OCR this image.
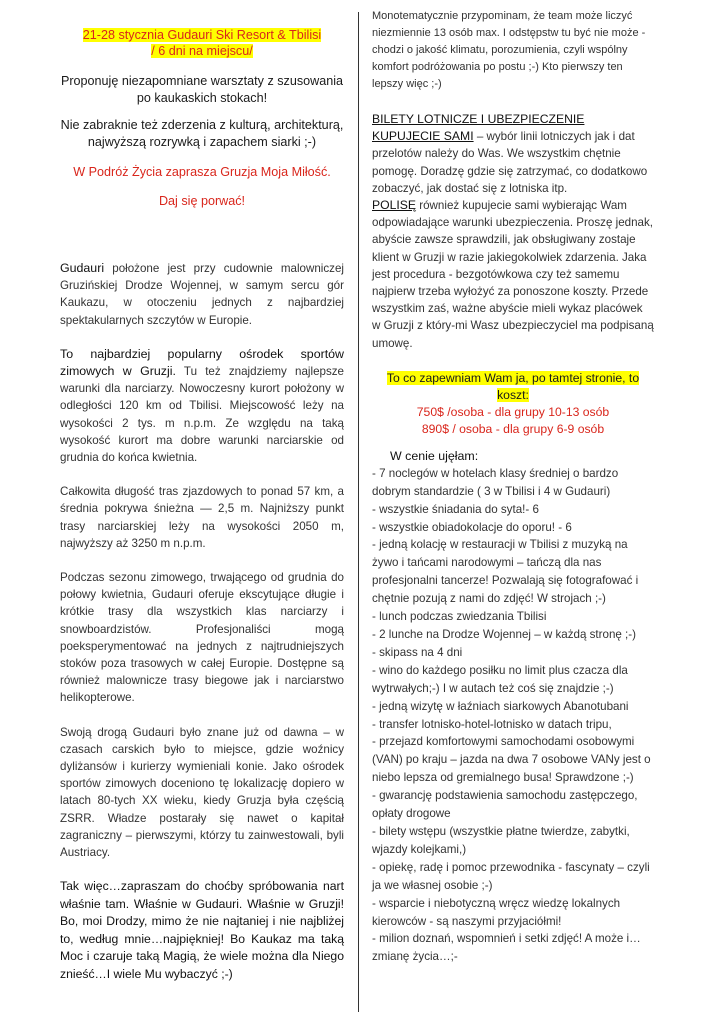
21-28 stycznia Gudauri Ski Resort & Tbilisi
/ 6 dni na miejscu/

Proponuję niezapomniane warsztaty z szusowania po kaukaskich stokach!

Nie zabraknie też zderzenia z kulturą, architekturą, najwyższą rozrywką i zapachem siarki ;-)

W Podróż Życia zaprasza Gruzja Moja Miłość.

Daj się porwać!

Gudauri położone jest przy cudownie malowniczej Gruzińskiej Drodze Wojennej, w samym sercu gór Kaukazu, w otoczeniu jednych z najbardziej spektakularnych szczytów w Europie.

To najbardziej popularny ośrodek sportów zimowych w Gruzji. Tu też znajdziemy najlepsze warunki dla narciarzy. Nowoczesny kurort położony w odległości 120 km od Tbilisi. Miejscowość leży na wysokości 2 tys. m n.p.m. Ze względu na taką wysokość kurort ma dobre warunki narciarskie od grudnia do końca kwietnia.

Całkowita długość tras zjazdowych to ponad 57 km, a średnia pokrywa śnieżna — 2,5 m. Najniższy punkt trasy narciarskiej leży na wysokości 2050 m, najwyższy aż 3250 m n.p.m.

Podczas sezonu zimowego, trwającego od grudnia do połowy kwietnia, Gudauri oferuje ekscytujące długie i krótkie trasy dla wszystkich klas narciarzy i snowboardzistów. Profesjonaliści mogą poeksperymentować na jednych z najtrudniejszych stoków poza trasowych w całej Europie. Dostępne są również malownicze trasy biegowe jak i narciarstwo helikopterowe.

Swoją drogą Gudauri było znane już od dawna – w czasach carskich było to miejsce, gdzie woźnicy dyliżansów i kurierzy wymieniali konie. Jako ośrodek sportów zimowych doceniono tę lokalizację dopiero w latach 80-tych XX wieku, kiedy Gruzja była częścią ZSRR. Władze postarały się nawet o kapitał zagraniczny – pierwszymi, którzy tu zainwestowali, byli Austriacy.

Tak więc…zapraszam do choćby spróbowania nart właśnie tam. Właśnie w Gudauri. Właśnie w Gruzji! Bo, moi Drodzy, mimo że nie najtaniej i nie najbliżej to, według mnie…najpiękniej! Bo Kaukaz ma taką Moc i czaruje taką Magią, że wiele można dla Niego znieść…I wiele Mu wybaczyć ;-)

Monotematycznie przypominam, że team może liczyć niezmiennie 13 osób max. I odstępstw tu być nie może - chodzi o jakość klimatu, porozumienia, czyli wspólny komfort podróżowania po postu ;-) Kto pierwszy ten lepszy więc ;-)

BILETY LOTNICZE I UBEZPIECZENIE KUPUJECIE SAMI – wybór linii lotniczych jak i dat przelotów należy do Was. We wszystkim chętnie pomogę. Doradzę gdzie się zatrzymać, co dodatkowo zobaczyć, jak dostać się z lotniska itp.

POLISĘ również kupujecie sami wybierając Wam odpowiadające warunki ubezpieczenia. Proszę jednak, abyście zawsze sprawdzili, jak obsługiwany zostaje klient w Gruzji w razie jakiegokolwiek zdarzenia. Jaka jest procedura - bezgotówkowa czy też samemu najpierw trzeba wyłożyć za ponoszone koszty. Przede wszystkim zaś, ważne abyście mieli wykaz placówek w Gruzji z który-mi Wasz ubezpieczyciel ma podpisaną umowę.

To co zapewniam Wam ja, po tamtej stronie, to koszt:
750$ /osoba - dla grupy 10-13 osób
890$ / osoba - dla grupy 6-9 osób

W cenie ujęłam:

- 7 noclegów w hotelach klasy średniej o bardzo dobrym standardzie ( 3 w Tbilisi i 4 w Gudauri)
- wszystkie śniadania do syta!- 6
- wszystkie obiadokolacje do oporu! - 6
- jedną kolację w restauracji w Tbilisi z muzyką na żywo i tańcami narodowymi – tańczą dla nas profesjonalni tancerze! Pozwalają się fotografować i chętnie pozują z nami do zdjęć! W strojach ;-)
- lunch podczas zwiedzania Tbilisi
- 2 lunche na Drodze Wojennej – w każdą stronę ;-)
- skipass na 4 dni
- wino do każdego posiłku no limit plus czacza dla wytrwałych;-) I w autach też coś się znajdzie ;-)
- jedną wizytę w łaźniach siarkowych Abanotubani
- transfer lotnisko-hotel-lotnisko w datach tripu,
- przejazd komfortowymi samochodami osobowymi (VAN) po kraju – jazda na dwa 7 osobowe VANy jest o niebo lepsza od gremialnego busa! Sprawdzone ;-)
- gwarancję podstawienia samochodu zastępczego, opłaty drogowe
- bilety wstępu (wszystkie płatne twierdze, zabytki, wjazdy kolejkami,)
- opiekę, radę i pomoc przewodnika - fascynaty – czyli ja we własnej osobie ;-)
- wsparcie i niebotyczną wręcz wiedzę lokalnych kierowców - są naszymi przyjaciółmi!
- milion doznań, wspomnień i setki zdjęć! A może i…zmianę życia…;-
